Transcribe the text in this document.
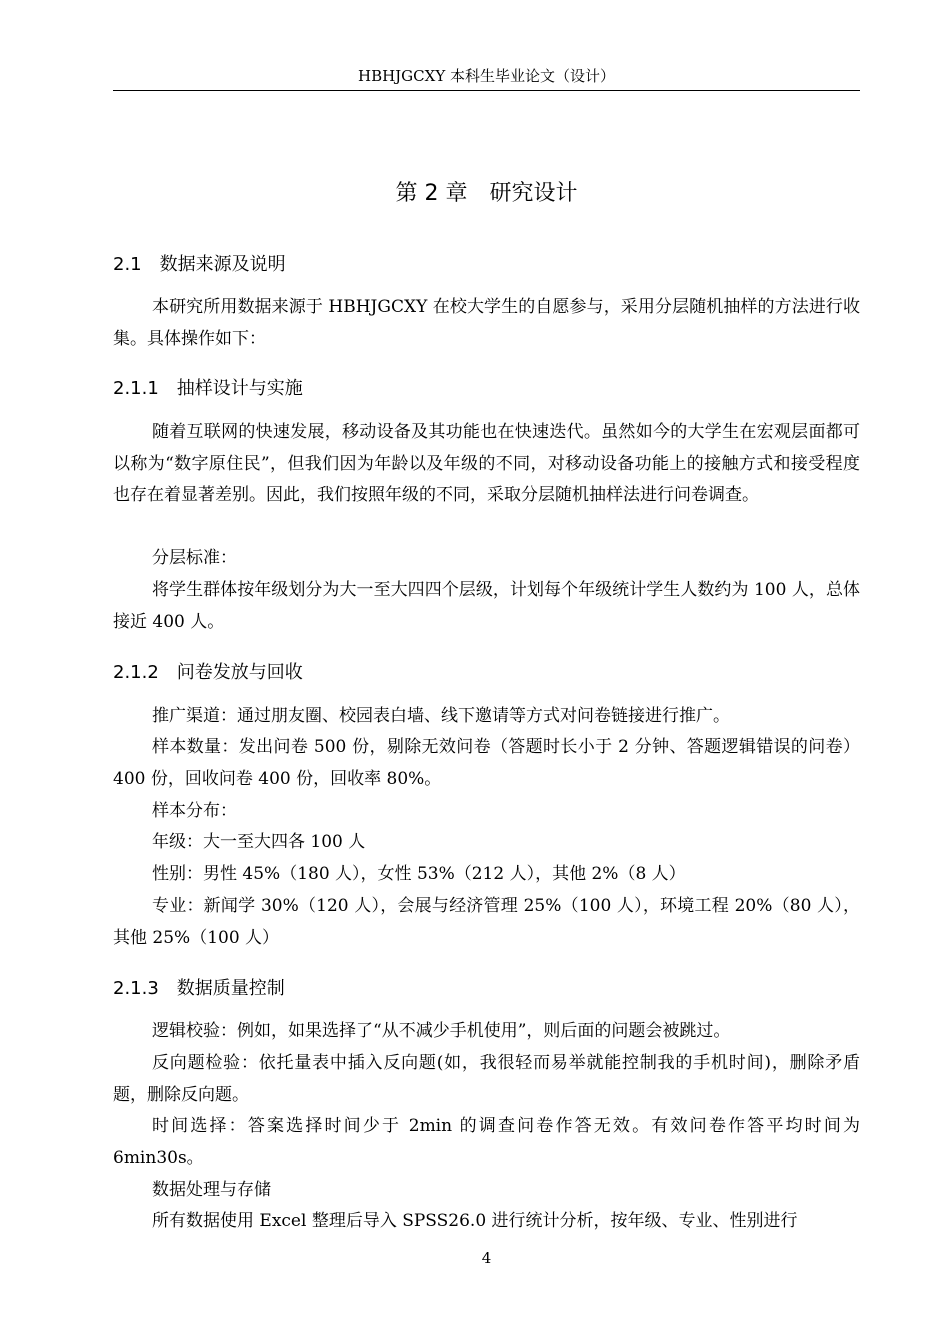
HBHJGCXY 本科生毕业论文（设计）
第 2 章　研究设计
2.1　数据来源及说明
本研究所用数据来源于 HBHJGCXY 在校大学生的自愿参与，采用分层随机抽样的方法进行收集。具体操作如下：
2.1.1　抽样设计与实施
随着互联网的快速发展，移动设备及其功能也在快速迭代。虽然如今的大学生在宏观层面都可以称为“数字原住民”，但我们因为年龄以及年级的不同，对移动设备功能上的接触方式和接受程度也存在着显著差别。因此，我们按照年级的不同，采取分层随机抽样法进行问卷调查。
分层标准：
将学生群体按年级划分为大一至大四四个层级，计划每个年级统计学生人数约为 100 人，总体接近 400 人。
2.1.2　问卷发放与回收
推广渠道：通过朋友圈、校园表白墙、线下邀请等方式对问卷链接进行推广。
样本数量：发出问卷 500 份，剔除无效问卷（答题时长小于 2 分钟、答题逻辑错误的问卷）400 份，回收问卷 400 份，回收率 80%。
样本分布：
年级：大一至大四各 100 人
性别：男性 45%（180 人），女性 53%（212 人），其他 2%（8 人）
专业：新闻学 30%（120 人），会展与经济管理 25%（100 人），环境工程 20%（80 人），其他 25%（100 人）
2.1.3　数据质量控制
逻辑校验：例如，如果选择了“从不减少手机使用”，则后面的问题会被跳过。
反向题检验：依托量表中插入反向题(如，我很轻而易举就能控制我的手机时间)，删除矛盾题，删除反向题。
时间选择：答案选择时间少于 2min 的调查问卷作答无效。有效问卷作答平均时间为 6min30s。
数据处理与存储
所有数据使用 Excel 整理后导入 SPSS26.0 进行统计分析，按年级、专业、性别进行
4
